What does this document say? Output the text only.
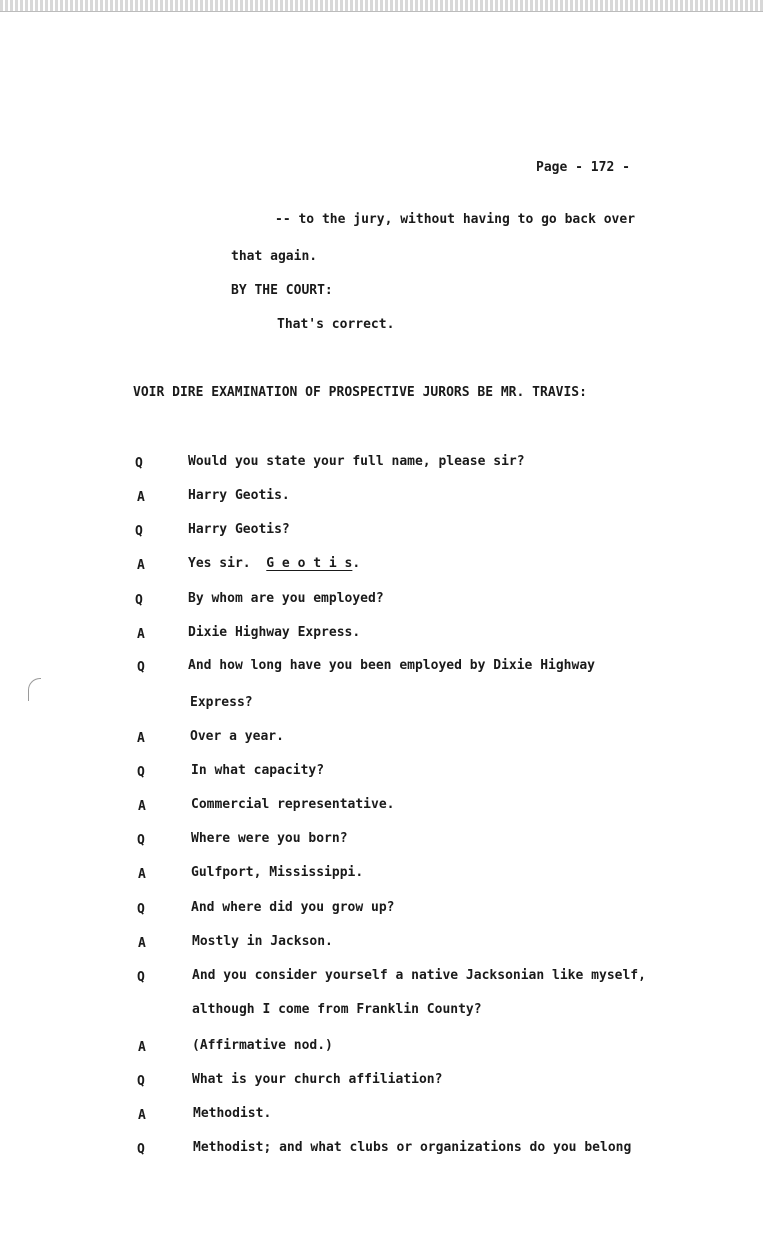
Page - 172 -
-- to the jury, without having to go back over
that again.
BY THE COURT:
That's correct.
VOIR DIRE EXAMINATION OF PROSPECTIVE JURORS BE MR. TRAVIS:
Q	Would you state your full name, please sir?
A	Harry Geotis.
Q	Harry Geotis?
A	Yes sir. G e o t i s.
Q	By whom are you employed?
A	Dixie Highway Express.
Q	And how long have you been employed by Dixie Highway
Express?
A	Over a year.
Q	In what capacity?
A	Commercial representative.
Q	Where were you born?
A	Gulfport, Mississippi.
Q	And where did you grow up?
A	Mostly in Jackson.
Q	And you consider yourself a native Jacksonian like myself,
although I come from Franklin County?
A	(Affirmative nod.)
Q	What is your church affiliation?
A	Methodist.
Q	Methodist; and what clubs or organizations do you belong
